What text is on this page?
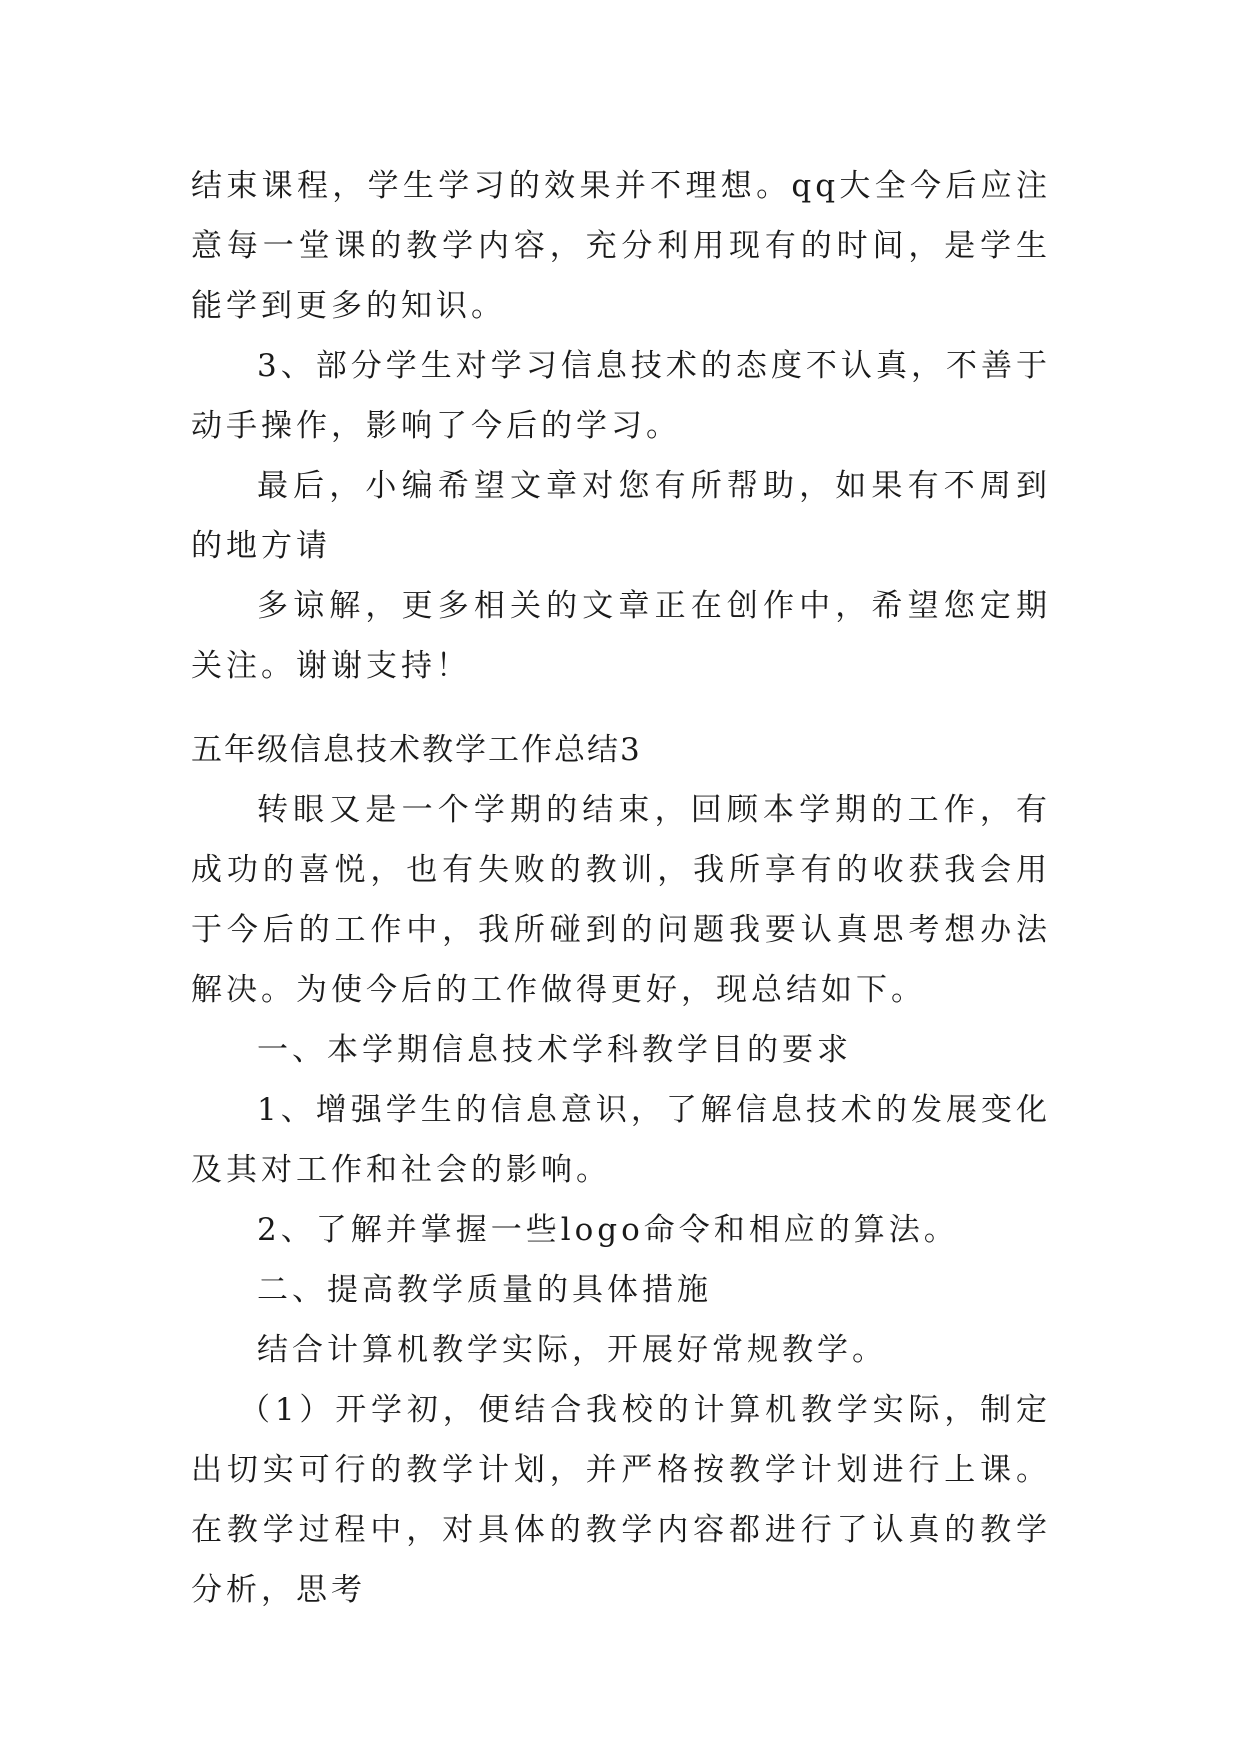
结束课程，学生学习的效果并不理想。qq大全今后应注意每一堂课的教学内容，充分利用现有的时间，是学生能学到更多的知识。

3、部分学生对学习信息技术的态度不认真，不善于动手操作，影响了今后的学习。

最后，小编希望文章对您有所帮助，如果有不周到的地方请

多谅解，更多相关的文章正在创作中，希望您定期关注。谢谢支持！

五年级信息技术教学工作总结3

转眼又是一个学期的结束，回顾本学期的工作，有成功的喜悦，也有失败的教训，我所享有的收获我会用于今后的工作中，我所碰到的问题我要认真思考想办法解决。为使今后的工作做得更好，现总结如下。

一、本学期信息技术学科教学目的要求

1、增强学生的信息意识，了解信息技术的发展变化及其对工作和社会的影响。

2、了解并掌握一些logo命令和相应的算法。

二、提高教学质量的具体措施

结合计算机教学实际，开展好常规教学。

（1）开学初，便结合我校的计算机教学实际，制定出切实可行的教学计划，并严格按教学计划进行上课。在教学过程中，对具体的教学内容都进行了认真的教学分析，思考
